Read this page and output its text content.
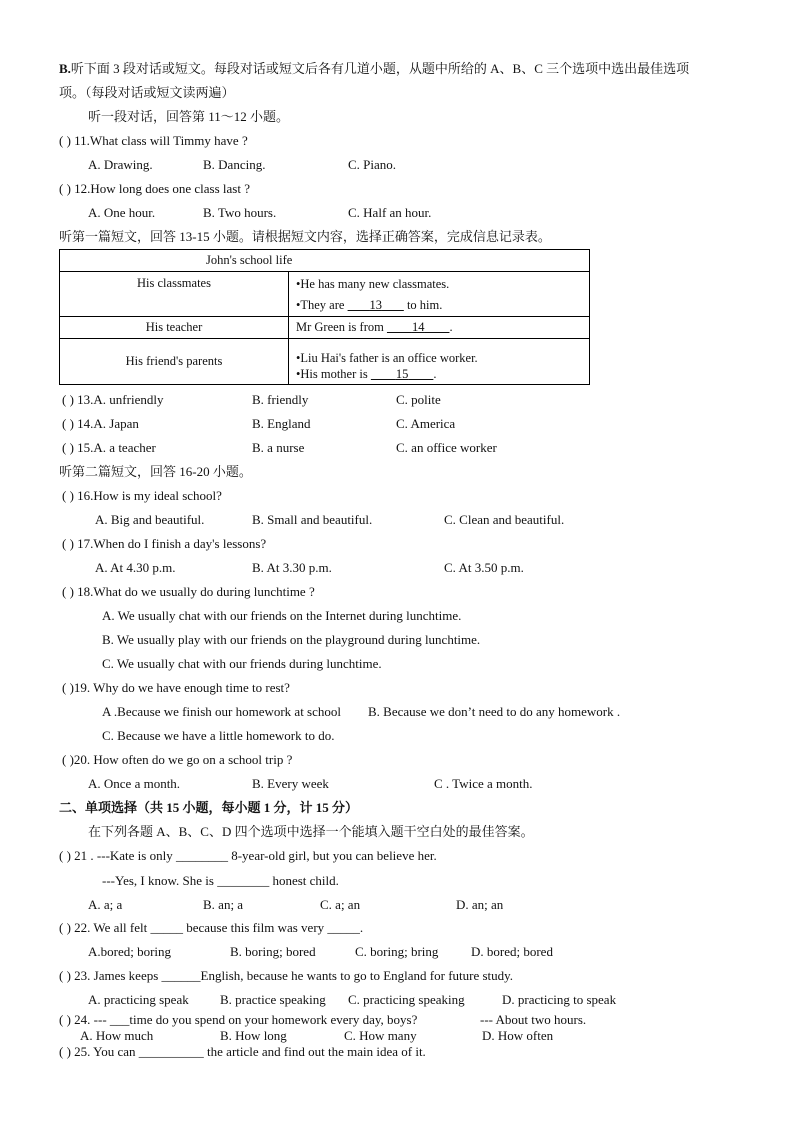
B.听下面 3 段对话或短文。每段对话或短文后各有几道小题，从题中所给的 A、B、C 三个选项中选出最佳选项
项。（每段对话或短文读两遍）
听一段对话，回答第 11～12 小题。
( ) 11.What class will Timmy have ?
A. Drawing.	B. Dancing.	C. Piano.
( ) 12.How long does one class last ?
A. One hour.	B. Two hours.	C. Half an hour.
听第一篇短文，回答 13-15 小题。请根据短文内容，选择正确答案，完成信息记录表。
John's school life	
His classmates	•He has many new classmates.
•They are        13        to him.

His teacher	Mr Green is from         14 .
His friend's parents	•Liu Hai's father is an office worker.
•His mother is         15 .
( ) 13.A. unfriendly	B. friendly	C. polite
( ) 14.A. Japan	B. England	C. America
( ) 15.A. a teacher	B. a nurse	C. an office worker
听第二篇短文，回答 16-20 小题。
( ) 16.How is my ideal school?
A. Big and beautiful.	B. Small and beautiful.	C. Clean and beautiful.
( ) 17.When do I finish a day's lessons?
A. At 4.30 p.m.	B. At 3.30 p.m.	C. At 3.50 p.m.
( ) 18.What do we usually do during lunchtime ?
A. We usually chat with our friends on the Internet during lunchtime.
B. We usually play with our friends on the playground during lunchtime.
C. We usually chat with our friends during lunchtime.
( )19. Why do we have enough time to rest?
A .Because we finish our homework at school B. Because we don’t need to do any homework .
C. Because we have a little homework to do.
( )20. How often do we go on a school trip ?
A. Once a month.	B. Every week	C . Twice a month.
二、单项选择（共 15 小题，每小题 1 分，计 15 分）
在下列各题 A、B、C、D 四个选项中选择一个能填入题干空白处的最佳答案。
( ) 21 . ---Kate is only ________ 8-year-old girl, but you can believe her.
---Yes, I know. She is ________ honest child.
A. a; a	B. an; a	C. a; an	D. an; an
( ) 22. We all felt _____ because this film was very _____.
A.bored; boring	B. boring; bored	C. boring; bring	D. bored; bored
( ) 23. James keeps ______English, because he wants to go to England for future study.
A. practicing speak B. practice speaking C. practicing speaking	D. practicing to speak
( ) 24. --- ___time do you spend on your homework every day, boys?	--- About two hours.
A. How much	B. How long	C. How many	D. How often
( ) 25. You can __________ the article and find out the main idea of it.
